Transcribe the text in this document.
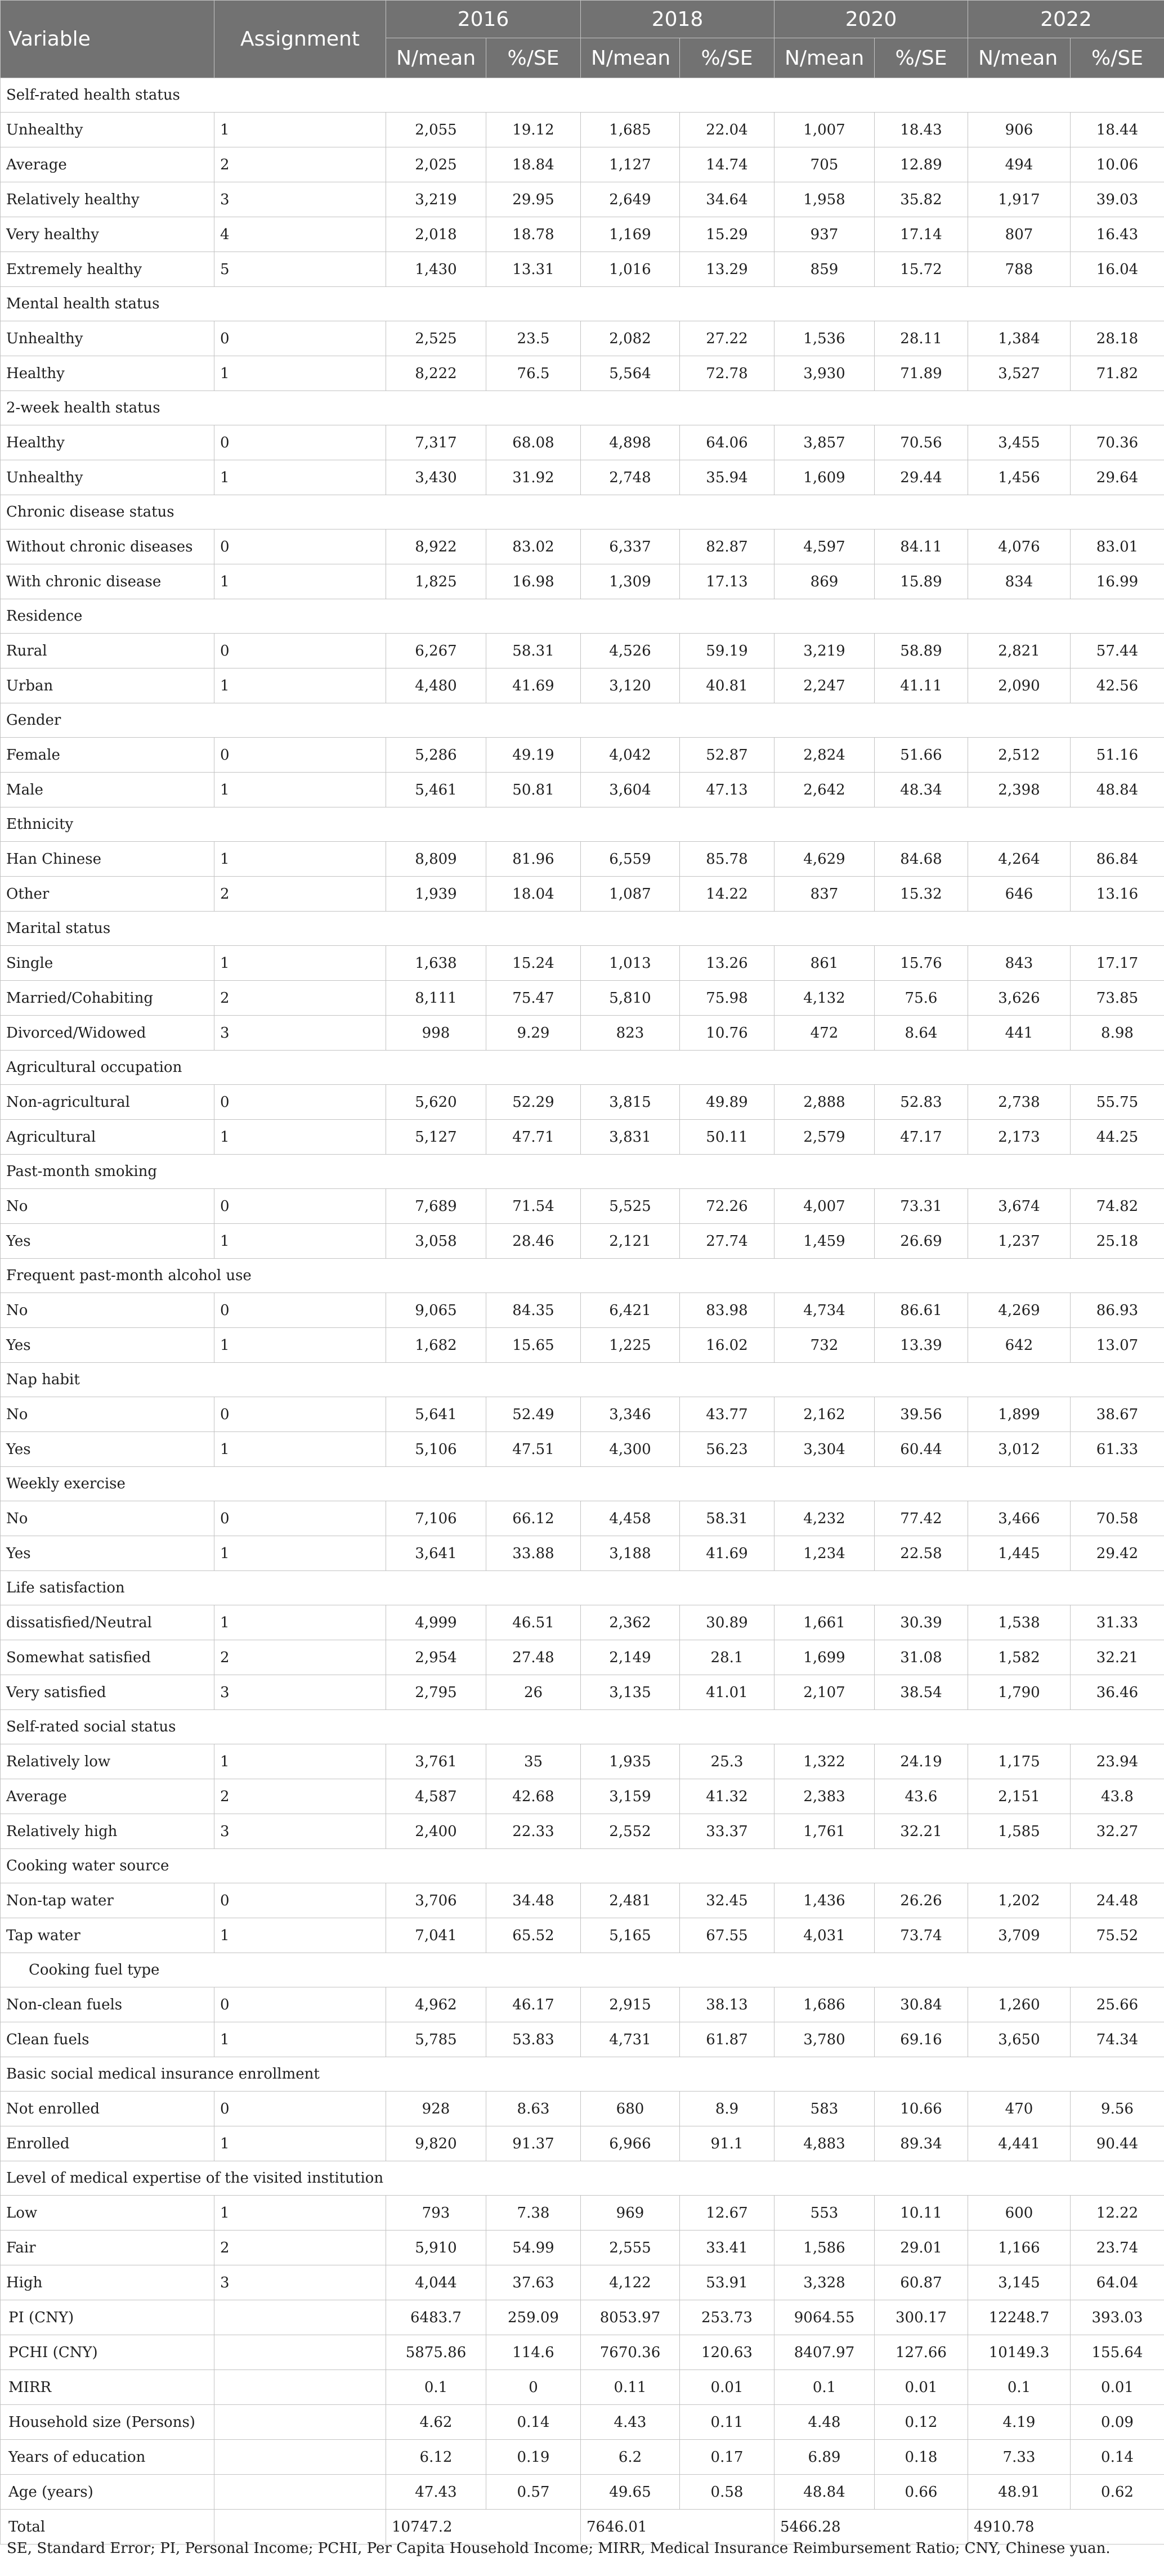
Variable	Assignment	2016		2018		2020		2022	
		N/mean	%/SE	N/mean	%/SE	N/mean	%/SE	N/mean	%/SE
Self-rated health status									
Unhealthy	1	2,055	19.12	1,685	22.04	1,007	18.43	906	18.44
Average	2	2,025	18.84	1,127	14.74	705	12.89	494	10.06
Relatively healthy	3	3,219	29.95	2,649	34.64	1,958	35.82	1,917	39.03
Very healthy	4	2,018	18.78	1,169	15.29	937	17.14	807	16.43
Extremely healthy	5	1,430	13.31	1,016	13.29	859	15.72	788	16.04
Mental health status									
Unhealthy	0	2,525	23.5	2,082	27.22	1,536	28.11	1,384	28.18
Healthy	1	8,222	76.5	5,564	72.78	3,930	71.89	3,527	71.82
2-week health status									
Healthy	0	7,317	68.08	4,898	64.06	3,857	70.56	3,455	70.36
Unhealthy	1	3,430	31.92	2,748	35.94	1,609	29.44	1,456	29.64
Chronic disease status									
Without chronic diseases	0	8,922	83.02	6,337	82.87	4,597	84.11	4,076	83.01
With chronic disease	1	1,825	16.98	1,309	17.13	869	15.89	834	16.99
Residence									
Rural	0	6,267	58.31	4,526	59.19	3,219	58.89	2,821	57.44
Urban	1	4,480	41.69	3,120	40.81	2,247	41.11	2,090	42.56
Gender									
Female	0	5,286	49.19	4,042	52.87	2,824	51.66	2,512	51.16
Male	1	5,461	50.81	3,604	47.13	2,642	48.34	2,398	48.84
Ethnicity									
Han Chinese	1	8,809	81.96	6,559	85.78	4,629	84.68	4,264	86.84
Other	2	1,939	18.04	1,087	14.22	837	15.32	646	13.16
Marital status									
Single	1	1,638	15.24	1,013	13.26	861	15.76	843	17.17
Married/Cohabiting	2	8,111	75.47	5,810	75.98	4,132	75.6	3,626	73.85
Divorced/Widowed	3	998	9.29	823	10.76	472	8.64	441	8.98
Agricultural occupation									
Non-agricultural	0	5,620	52.29	3,815	49.89	2,888	52.83	2,738	55.75
Agricultural	1	5,127	47.71	3,831	50.11	2,579	47.17	2,173	44.25
Past-month smoking									
No	0	7,689	71.54	5,525	72.26	4,007	73.31	3,674	74.82
Yes	1	3,058	28.46	2,121	27.74	1,459	26.69	1,237	25.18
Frequent past-month alcohol use									
No	0	9,065	84.35	6,421	83.98	4,734	86.61	4,269	86.93
Yes	1	1,682	15.65	1,225	16.02	732	13.39	642	13.07
Nap habit									
No	0	5,641	52.49	3,346	43.77	2,162	39.56	1,899	38.67
Yes	1	5,106	47.51	4,300	56.23	3,304	60.44	3,012	61.33
Weekly exercise									
No	0	7,106	66.12	4,458	58.31	4,232	77.42	3,466	70.58
Yes	1	3,641	33.88	3,188	41.69	1,234	22.58	1,445	29.42
Life satisfaction									
dissatisfied/Neutral	1	4,999	46.51	2,362	30.89	1,661	30.39	1,538	31.33
Somewhat satisfied	2	2,954	27.48	2,149	28.1	1,699	31.08	1,582	32.21
Very satisfied	3	2,795	26	3,135	41.01	2,107	38.54	1,790	36.46
Self-rated social status									
Relatively low	1	3,761	35	1,935	25.3	1,322	24.19	1,175	23.94
Average	2	4,587	42.68	3,159	41.32	2,383	43.6	2,151	43.8
Relatively high	3	2,400	22.33	2,552	33.37	1,761	32.21	1,585	32.27
Cooking water source									
Non-tap water	0	3,706	34.48	2,481	32.45	1,436	26.26	1,202	24.48
Tap water	1	7,041	65.52	5,165	67.55	4,031	73.74	3,709	75.52
Cooking fuel type									
Non-clean fuels	0	4,962	46.17	2,915	38.13	1,686	30.84	1,260	25.66
Clean fuels	1	5,785	53.83	4,731	61.87	3,780	69.16	3,650	74.34
Basic social medical insurance enrollment									
Not enrolled	0	928	8.63	680	8.9	583	10.66	470	9.56
Enrolled	1	9,820	91.37	6,966	91.1	4,883	89.34	4,441	90.44
Level of medical expertise of the visited institution									
Low	1	793	7.38	969	12.67	553	10.11	600	12.22
Fair	2	5,910	54.99	2,555	33.41	1,586	29.01	1,166	23.74
High	3	4,044	37.63	4,122	53.91	3,328	60.87	3,145	64.04
PI (CNY)		6483.7	259.09	8053.97	253.73	9064.55	300.17	12248.7	393.03
PCHI (CNY)		5875.86	114.6	7670.36	120.63	8407.97	127.66	10149.3	155.64
MIRR		0.1	0	0.11	0.01	0.1	0.01	0.1	0.01
Household size (Persons)		4.62	0.14	4.43	0.11	4.48	0.12	4.19	0.09
Years of education		6.12	0.19	6.2	0.17	6.89	0.18	7.33	0.14
Age (years)		47.43	0.57	49.65	0.58	48.84	0.66	48.91	0.62
Total		10747.2		7646.01		5466.28		4910.78	
SE, Standard Error; PI, Personal Income; PCHI, Per Capita Household Income; MIRR, Medical Insurance Reimbursement Ratio; CNY, Chinese yuan.
